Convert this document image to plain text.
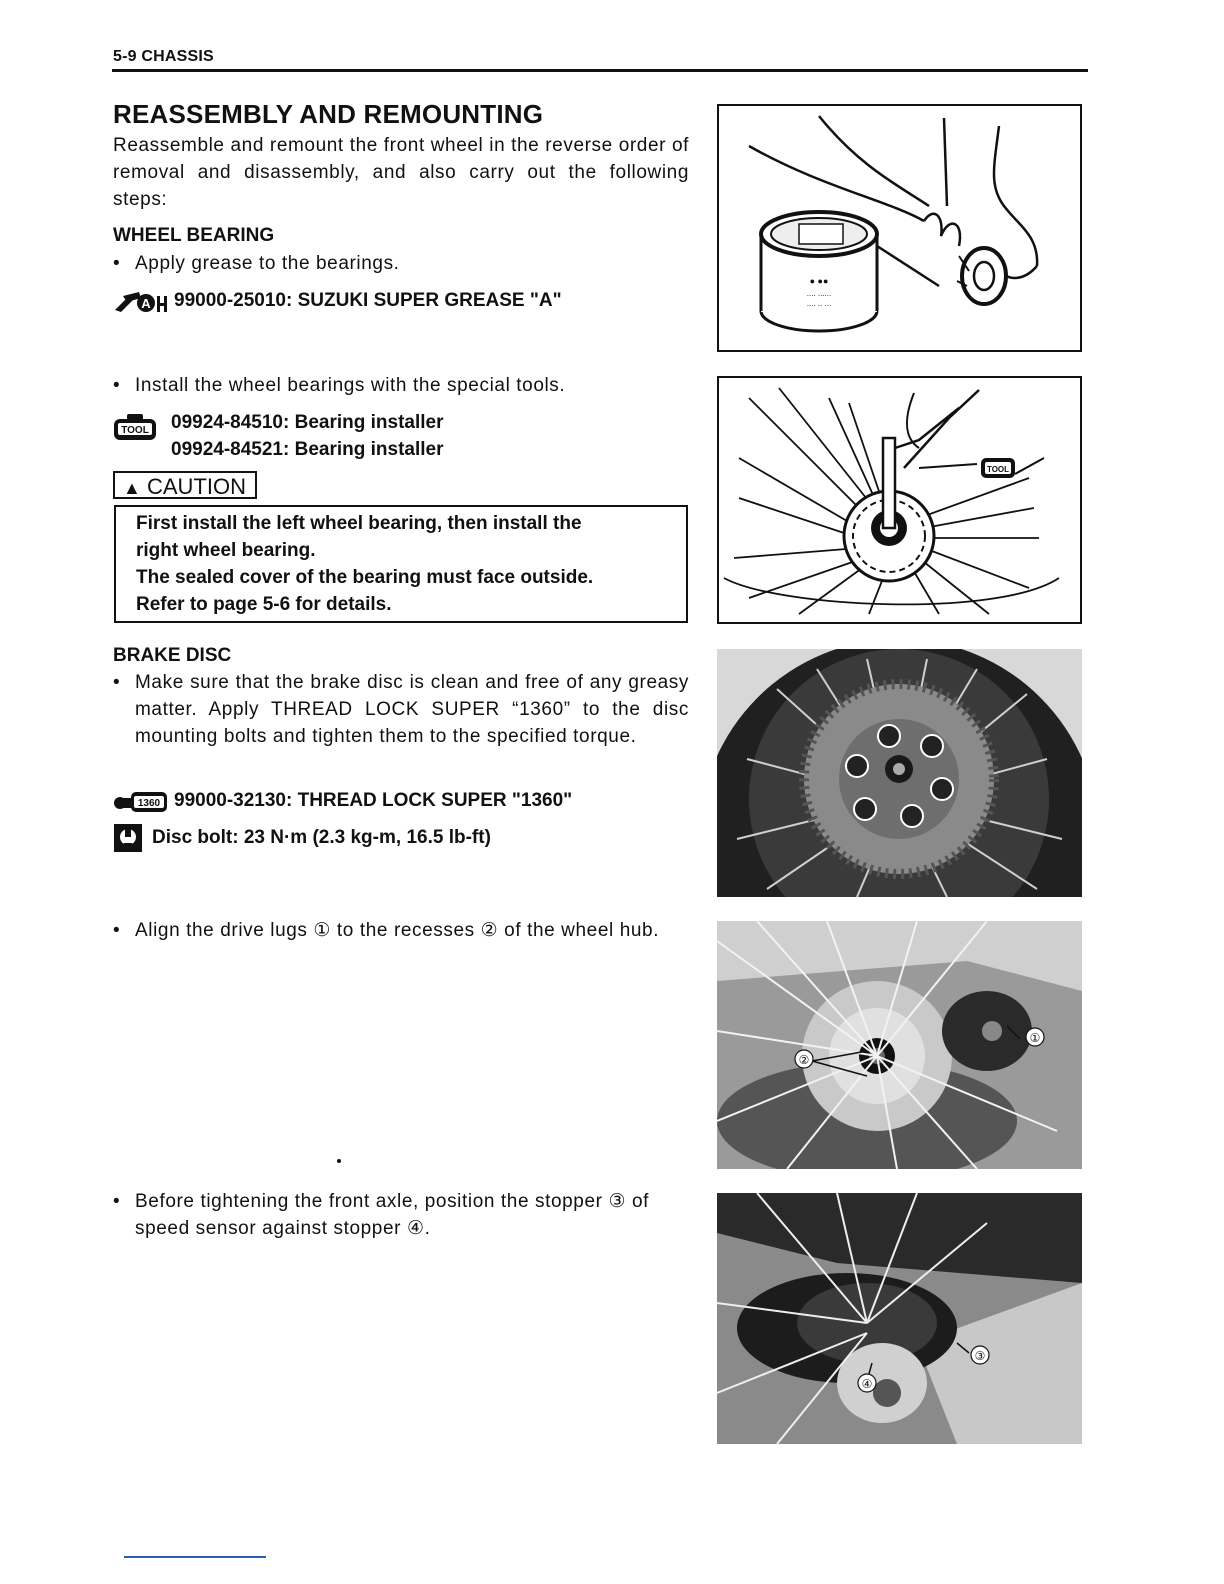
5-9 CHASSIS
REASSEMBLY AND REMOUNTING
Reassemble and remount the front wheel in the reverse order of removal and disassembly, and also carry out the following steps:
WHEEL BEARING
• Apply grease to the bearings.
A 99000-25010: SUZUKI SUPER GREASE "A"
• Install the wheel bearings with the special tools.
TOOL 09924-84510: Bearing installer
09924-84521: Bearing installer
▲ CAUTION
First install the left wheel bearing, then install the
right wheel bearing.
The sealed cover of the bearing must face outside.
Refer to page 5-6 for details.
BRAKE DISC
• Make sure that the brake disc is clean and free of any greasy matter. Apply THREAD LOCK SUPER “1360” to the disc mounting bolts and tighten them to the specified torque.
1360 99000-32130: THREAD LOCK SUPER "1360"
Disc bolt: 23 N·m (2.3 kg-m, 16.5 lb-ft)
• Align the drive lugs ① to the recesses ② of the wheel hub.
• Before tightening the front axle, position the stopper ③ of speed sensor against stopper ④.
● ●●
.... ......
.... .. ...
TOOL
②
①
③
④
